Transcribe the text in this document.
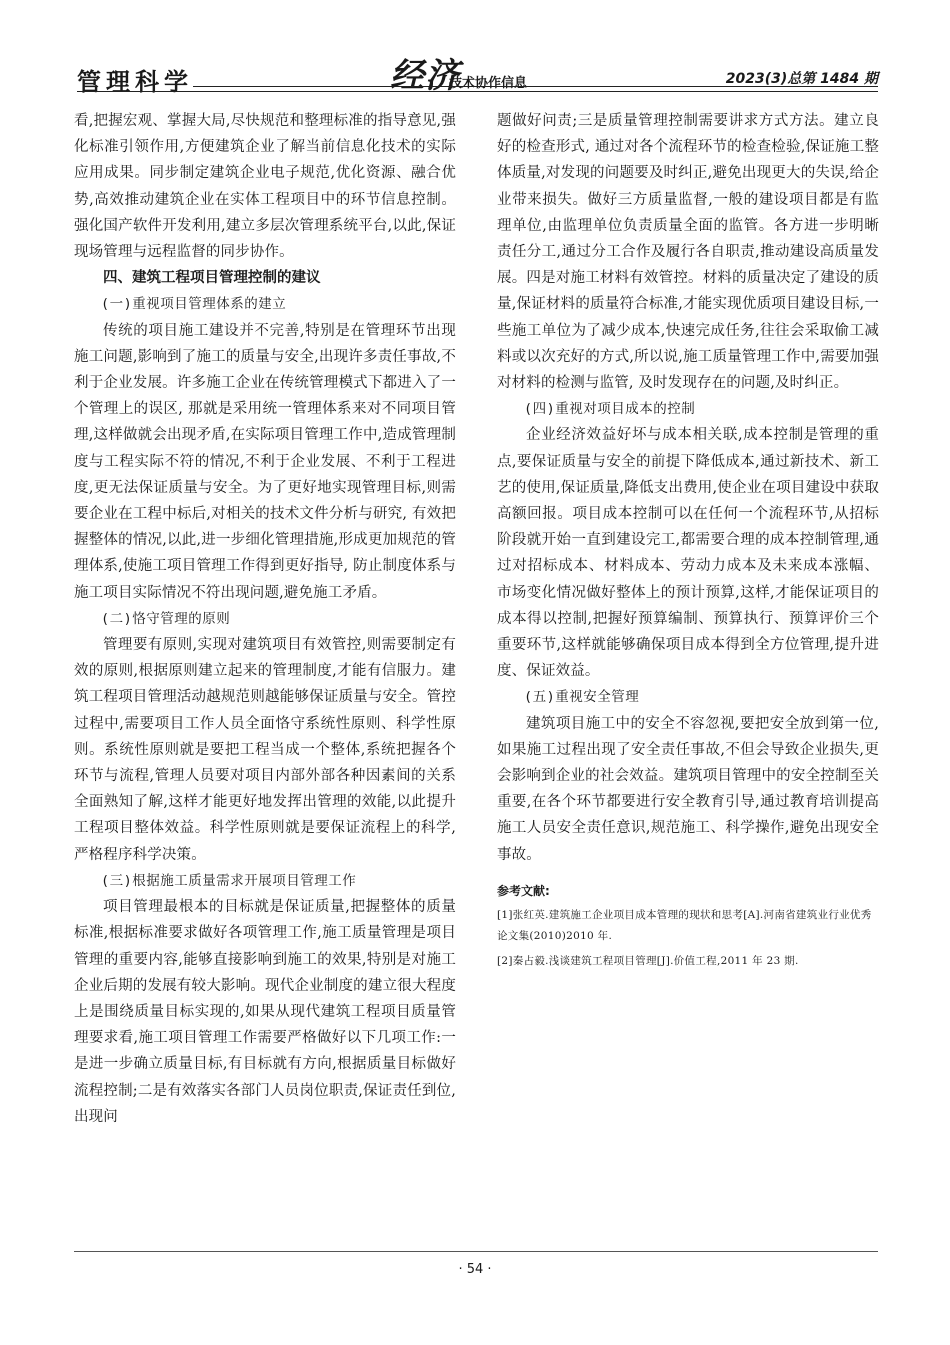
管理科学	经济
技术协作信息	2023(3)总第 1484 期

看,把握宏观、掌握大局,尽快规范和整理标准的指导意见,强化标准引领作用,方便建筑企业了解当前信息化技术的实际应用成果。同步制定建筑企业电子规范,优化资源、融合优势,高效推动建筑企业在实体工程项目中的环节信息控制。强化国产软件开发利用,建立多层次管理系统平台,以此,保证现场管理与远程监督的同步协作。

四、建筑工程项目管理控制的建议

(一)重视项目管理体系的建立

传统的项目施工建设并不完善,特别是在管理环节出现施工问题,影响到了施工的质量与安全,出现许多责任事故,不利于企业发展。许多施工企业在传统管理模式下都进入了一个管理上的误区, 那就是采用统一管理体系来对不同项目管理,这样做就会出现矛盾,在实际项目管理工作中,造成管理制度与工程实际不符的情况,不利于企业发展、不利于工程进度,更无法保证质量与安全。为了更好地实现管理目标,则需要企业在工程中标后,对相关的技术文件分析与研究, 有效把握整体的情况,以此,进一步细化管理措施,形成更加规范的管理体系,使施工项目管理工作得到更好指导, 防止制度体系与施工项目实际情况不符出现问题,避免施工矛盾。

(二)恪守管理的原则

管理要有原则,实现对建筑项目有效管控,则需要制定有效的原则,根据原则建立起来的管理制度,才能有信服力。建筑工程项目管理活动越规范则越能够保证质量与安全。管控过程中,需要项目工作人员全面恪守系统性原则、科学性原则。系统性原则就是要把工程当成一个整体,系统把握各个环节与流程,管理人员要对项目内部外部各种因素间的关系全面熟知了解,这样才能更好地发挥出管理的效能,以此提升工程项目整体效益。科学性原则就是要保证流程上的科学,严格程序科学决策。

(三)根据施工质量需求开展项目管理工作

项目管理最根本的目标就是保证质量,把握整体的质量标准,根据标准要求做好各项管理工作,施工质量管理是项目管理的重要内容,能够直接影响到施工的效果,特别是对施工企业后期的发展有较大影响。现代企业制度的建立很大程度上是围绕质量目标实现的,如果从现代建筑工程项目质量管理要求看,施工项目管理工作需要严格做好以下几项工作:一是进一步确立质量目标,有目标就有方向,根据质量目标做好流程控制;二是有效落实各部门人员岗位职责,保证责任到位,出现问

题做好问责;三是质量管理控制需要讲求方式方法。建立良好的检查形式, 通过对各个流程环节的检查检验,保证施工整体质量,对发现的问题要及时纠正,避免出现更大的失误,给企业带来损失。做好三方质量监督,一般的建设项目都是有监理单位,由监理单位负责质量全面的监管。各方进一步明晰责任分工,通过分工合作及履行各自职责,推动建设高质量发展。四是对施工材料有效管控。材料的质量决定了建设的质量,保证材料的质量符合标准,才能实现优质项目建设目标,一些施工单位为了减少成本,快速完成任务,往往会采取偷工减料或以次充好的方式,所以说,施工质量管理工作中,需要加强对材料的检测与监管, 及时发现存在的问题,及时纠正。

(四)重视对项目成本的控制

企业经济效益好坏与成本相关联,成本控制是管理的重点,要保证质量与安全的前提下降低成本,通过新技术、新工艺的使用,保证质量,降低支出费用,使企业在项目建设中获取高额回报。项目成本控制可以在任何一个流程环节,从招标阶段就开始一直到建设完工,都需要合理的成本控制管理,通过对招标成本、材料成本、劳动力成本及未来成本涨幅、 市场变化情况做好整体上的预计预算,这样,才能保证项目的成本得以控制,把握好预算编制、预算执行、预算评价三个重要环节,这样就能够确保项目成本得到全方位管理,提升进度、保证效益。

(五)重视安全管理

建筑项目施工中的安全不容忽视,要把安全放到第一位,如果施工过程出现了安全责任事故,不但会导致企业损失,更会影响到企业的社会效益。建筑项目管理中的安全控制至关重要,在各个环节都要进行安全教育引导,通过教育培训提高施工人员安全责任意识,规范施工、科学操作,避免出现安全事故。

参考文献:

[1]张红英.建筑施工企业项目成本管理的现状和思考[A].河南省建筑业行业优秀论文集(2010)2010 年.

[2]秦占毅.浅谈建筑工程项目管理[J].价值工程,2011 年 23 期.

· 54 ·
